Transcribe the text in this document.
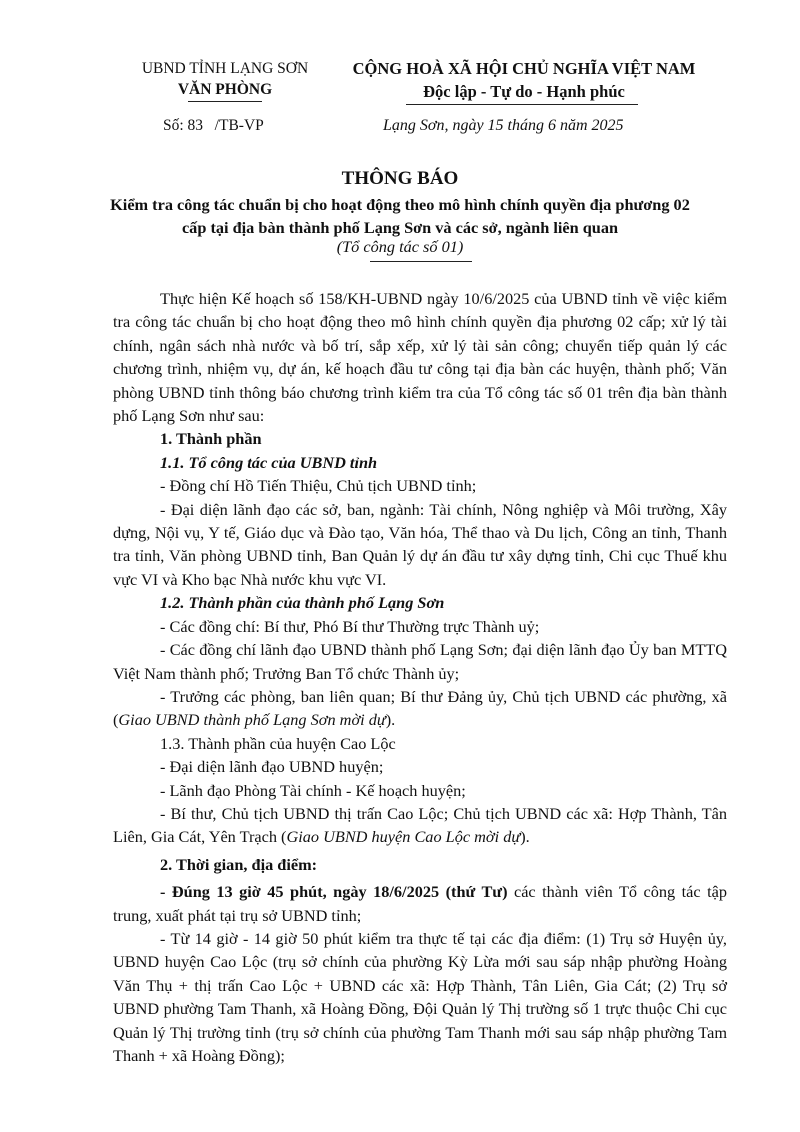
UBND TỈNH LẠNG SƠN
VĂN PHÒNG
CỘNG HOÀ XÃ HỘI CHỦ NGHĨA VIỆT NAM
Độc lập - Tự do - Hạnh phúc
Số: 83   /TB-VP	Lạng Sơn, ngày 15 tháng 6 năm 2025
THÔNG BÁO
Kiểm tra công tác chuẩn bị cho hoạt động theo mô hình chính quyền địa phương 02 cấp tại địa bàn thành phố Lạng Sơn và các sở, ngành liên quan
(Tổ công tác số 01)

Thực hiện Kế hoạch số 158/KH-UBND ngày 10/6/2025 của UBND tỉnh về việc kiểm tra công tác chuẩn bị cho hoạt động theo mô hình chính quyền địa phương 02 cấp; xử lý tài chính, ngân sách nhà nước và bố trí, sắp xếp, xử lý tài sản công; chuyển tiếp quản lý các chương trình, nhiệm vụ, dự án, kế hoạch đầu tư công tại địa bàn các huyện, thành phố; Văn phòng UBND tỉnh thông báo chương trình kiểm tra của Tổ công tác số 01 trên địa bàn thành phố Lạng Sơn như sau:

1. Thành phần

1.1. Tổ công tác của UBND tỉnh

- Đồng chí Hồ Tiến Thiệu, Chủ tịch UBND tỉnh;

- Đại diện lãnh đạo các sở, ban, ngành: Tài chính, Nông nghiệp và Môi trường, Xây dựng, Nội vụ, Y tế, Giáo dục và Đào tạo, Văn hóa, Thể thao và Du lịch, Công an tỉnh, Thanh tra tỉnh, Văn phòng UBND tỉnh, Ban Quản lý dự án đầu tư xây dựng tỉnh, Chi cục Thuế khu vực VI và Kho bạc Nhà nước khu vực VI.

1.2. Thành phần của thành phố Lạng Sơn

- Các đồng chí: Bí thư, Phó Bí thư Thường trực Thành uỷ;

- Các đồng chí lãnh đạo UBND thành phố Lạng Sơn; đại diện lãnh đạo Ủy ban MTTQ Việt Nam thành phố; Trưởng Ban Tổ chức Thành ủy;

- Trưởng các phòng, ban liên quan; Bí thư Đảng ủy, Chủ tịch UBND các phường, xã (Giao UBND thành phố Lạng Sơn mời dự).

1.3. Thành phần của huyện Cao Lộc

- Đại diện lãnh đạo UBND huyện;

- Lãnh đạo Phòng Tài chính - Kế hoạch huyện;

- Bí thư, Chủ tịch UBND thị trấn Cao Lộc; Chủ tịch UBND các xã: Hợp Thành, Tân Liên, Gia Cát, Yên Trạch (Giao UBND huyện Cao Lộc mời dự).

2. Thời gian, địa điểm:

- Đúng 13 giờ 45 phút, ngày 18/6/2025 (thứ Tư) các thành viên Tổ công tác tập trung, xuất phát tại trụ sở UBND tỉnh;

- Từ 14 giờ - 14 giờ 50 phút kiểm tra thực tế tại các địa điểm: (1) Trụ sở Huyện ủy, UBND huyện Cao Lộc (trụ sở chính của phường Kỳ Lừa mới sau sáp nhập phường Hoàng Văn Thụ + thị trấn Cao Lộc + UBND các xã: Hợp Thành, Tân Liên, Gia Cát; (2) Trụ sở UBND phường Tam Thanh, xã Hoàng Đồng, Đội Quản lý Thị trường số 1 trực thuộc Chi cục Quản lý Thị trường tỉnh (trụ sở chính của phường Tam Thanh mới sau sáp nhập phường Tam Thanh + xã Hoàng Đồng);
